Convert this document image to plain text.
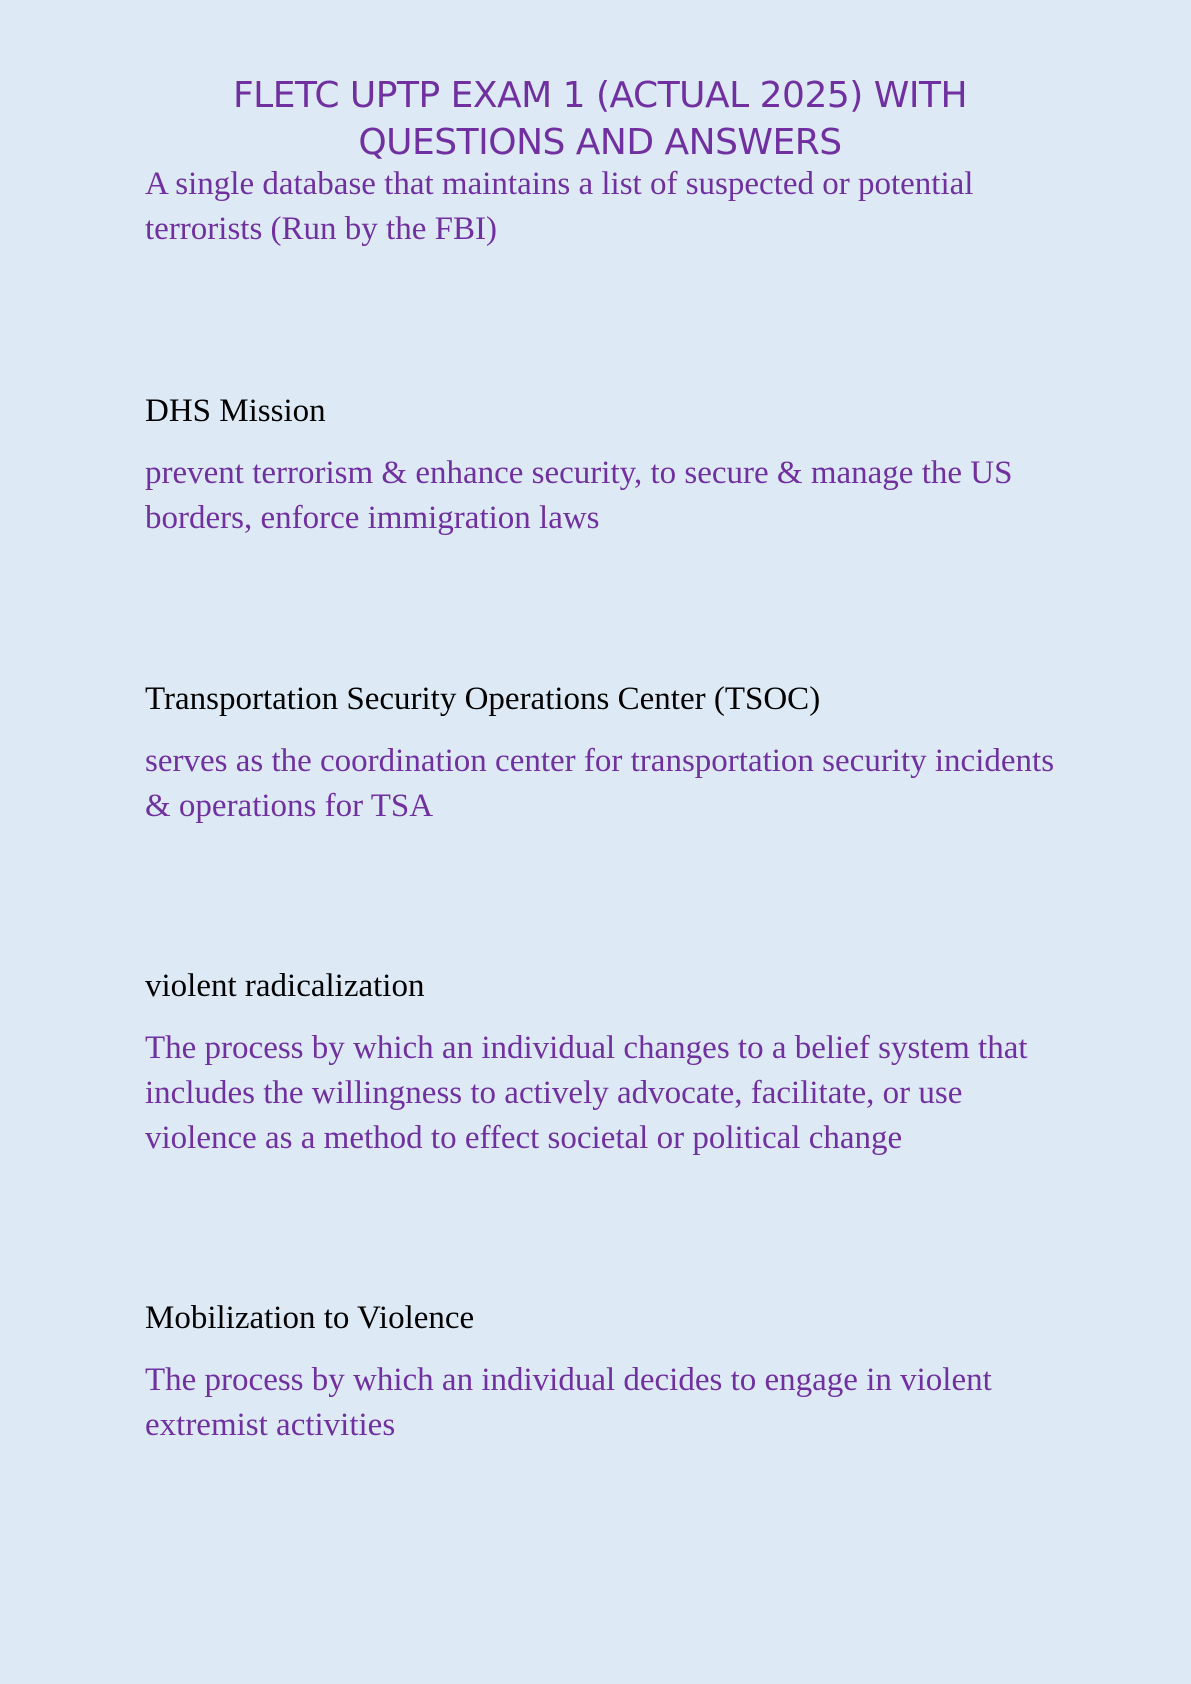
FLETC UPTP EXAM 1 (ACTUAL 2025) WITH
QUESTIONS AND ANSWERS

A single database that maintains a list of suspected or potential terrorists (Run by the FBI)

DHS Mission

prevent terrorism & enhance security, to secure & manage the US borders, enforce immigration laws

Transportation Security Operations Center (TSOC)

serves as the coordination center for transportation security incidents & operations for TSA

violent radicalization

The process by which an individual changes to a belief system that includes the willingness to actively advocate, facilitate, or use violence as a method to effect societal or political change

Mobilization to Violence

The process by which an individual decides to engage in violent extremist activities
